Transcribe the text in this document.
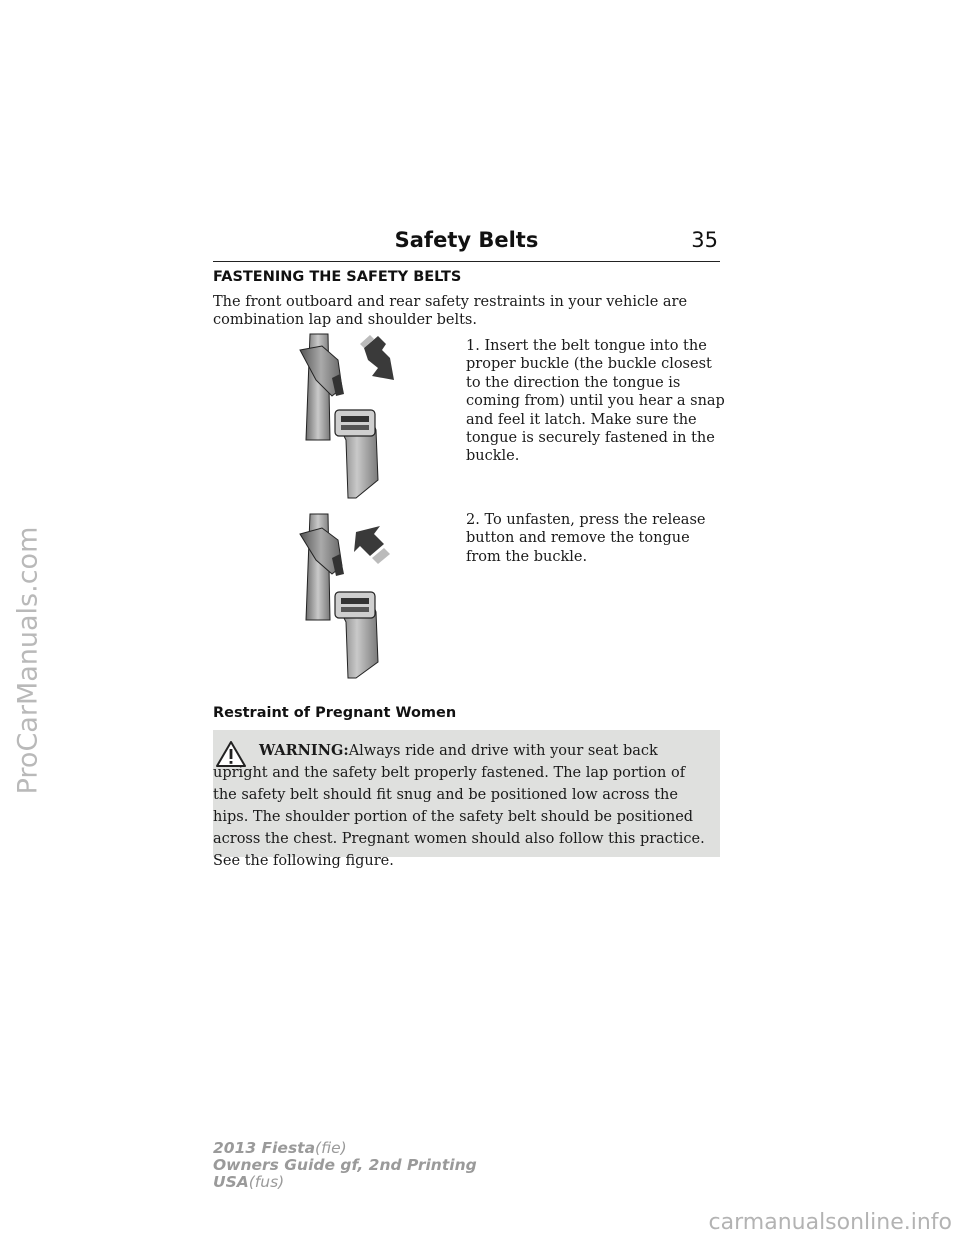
ProCarManuals.com
Safety Belts	35
FASTENING THE SAFETY BELTS
The front outboard and rear safety restraints in your vehicle are combination lap and shoulder belts.
1. Insert the belt tongue into the proper buckle (the buckle closest to the direction the tongue is coming from) until you hear a snap and feel it latch. Make sure the tongue is securely fastened in the buckle.
2. To unfasten, press the release button and remove the tongue from the buckle.
Restraint of Pregnant Women
WARNING:Always ride and drive with your seat back upright and the safety belt properly fastened. The lap portion of the safety belt should fit snug and be positioned low across the hips. The shoulder portion of the safety belt should be positioned across the chest. Pregnant women should also follow this practice. See the following figure.
2013 Fiesta(fie)
Owners Guide gf, 2nd Printing
USA(fus)
carmanualsonline.info
